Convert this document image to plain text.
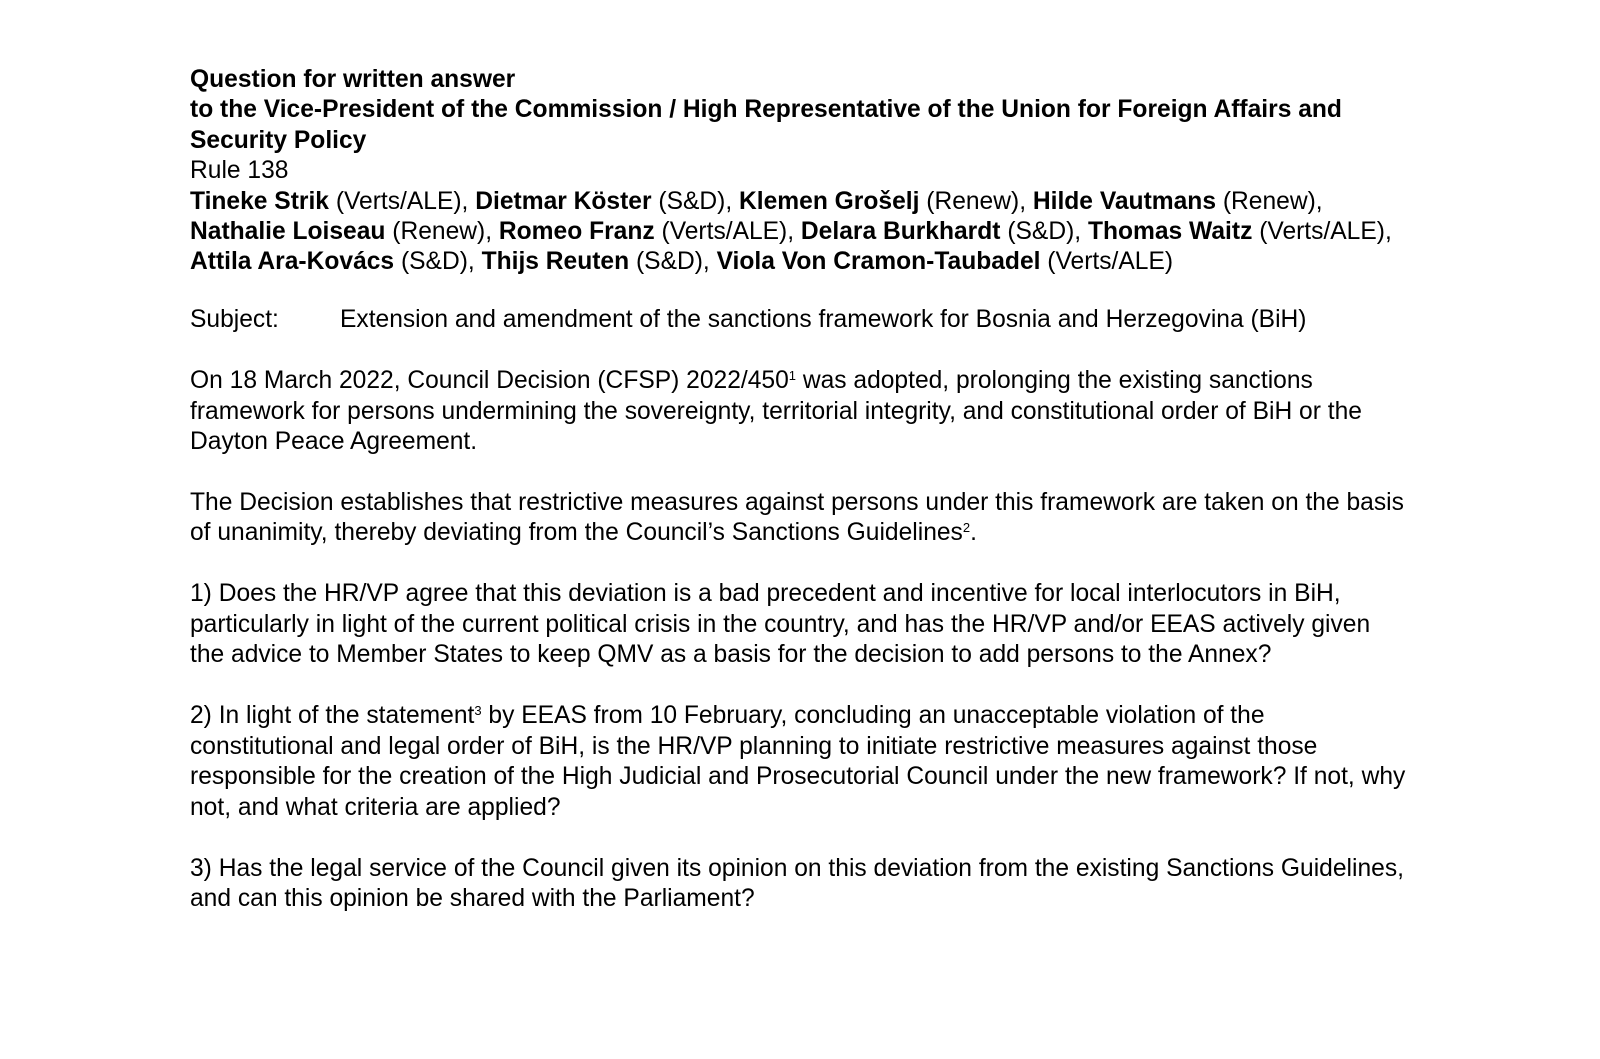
Question for written answer

to the Vice-President of the Commission / High Representative of the Union for Foreign Affairs and Security Policy

Rule 138

Tineke Strik (Verts/ALE), Dietmar Köster (S&D), Klemen Grošelj (Renew), Hilde Vautmans (Renew), Nathalie Loiseau (Renew), Romeo Franz (Verts/ALE), Delara Burkhardt (S&D), Thomas Waitz (Verts/ALE), Attila Ara-Kovács (S&D), Thijs Reuten (S&D), Viola Von Cramon-Taubadel (Verts/ALE)

Subject:	Extension and amendment of the sanctions framework for Bosnia and Herzegovina (BiH)

On 18 March 2022, Council Decision (CFSP) $2022/450^1$ was adopted, prolonging the existing sanctions framework for persons undermining the sovereignty, territorial integrity, and constitutional order of BiH or the Dayton Peace Agreement.

The Decision establishes that restrictive measures against persons under this framework are taken on the basis of unanimity, thereby deviating from the Council’s Sanctions Guidelines$^2$.

1) Does the HR/VP agree that this deviation is a bad precedent and incentive for local interlocutors in BiH, particularly in light of the current political crisis in the country, and has the HR/VP and/or EEAS actively given the advice to Member States to keep QMV as a basis for the decision to add persons to the Annex?

2) In light of the statement$^3$ by EEAS from 10 February, concluding an unacceptable violation of the constitutional and legal order of BiH, is the HR/VP planning to initiate restrictive measures against those responsible for the creation of the High Judicial and Prosecutorial Council under the new framework? If not, why not, and what criteria are applied?

3) Has the legal service of the Council given its opinion on this deviation from the existing Sanctions Guidelines, and can this opinion be shared with the Parliament?
